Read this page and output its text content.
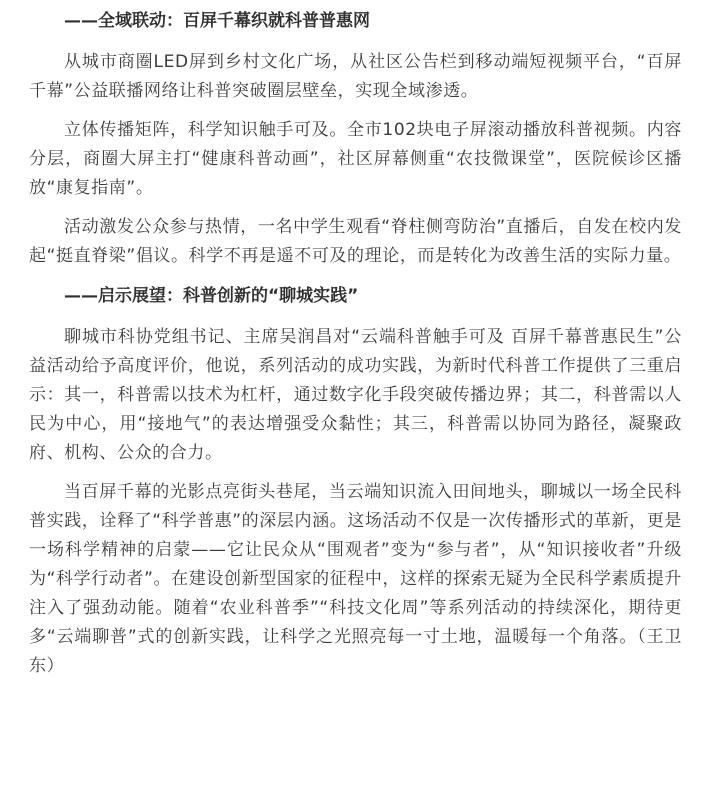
——全域联动：百屏千幕织就科普普惠网

从城市商圈LED屏到乡村文化广场，从社区公告栏到移动端短视频平台，“百屏千幕”公益联播网络让科普突破圈层壁垒，实现全域渗透。

立体传播矩阵，科学知识触手可及。全市102块电子屏滚动播放科普视频。内容分层，商圈大屏主打“健康科普动画”，社区屏幕侧重“农技微课堂”，医院候诊区播放“康复指南”。

活动激发公众参与热情，一名中学生观看“脊柱侧弯防治”直播后，自发在校内发起“挺直脊梁”倡议。科学不再是遥不可及的理论，而是转化为改善生活的实际力量。

——启示展望：科普创新的“聊城实践”

聊城市科协党组书记、主席吴润昌对“云端科普触手可及 百屏千幕普惠民生”公益活动给予高度评价，他说，系列活动的成功实践，为新时代科普工作提供了三重启示：其一，科普需以技术为杠杆，通过数字化手段突破传播边界；其二，科普需以人民为中心，用“接地气”的表达增强受众黏性；其三，科普需以协同为路径，凝聚政府、机构、公众的合力。

当百屏千幕的光影点亮街头巷尾，当云端知识流入田间地头，聊城以一场全民科普实践，诠释了“科学普惠”的深层内涵。这场活动不仅是一次传播形式的革新，更是一场科学精神的启蒙——它让民众从“围观者”变为“参与者”，从“知识接收者”升级为“科学行动者”。在建设创新型国家的征程中，这样的探索无疑为全民科学素质提升注入了强劲动能。随着“农业科普季”“科技文化周”等系列活动的持续深化，期待更多“云端聊普”式的创新实践，让科学之光照亮每一寸土地，温暖每一个角落。（王卫东）
